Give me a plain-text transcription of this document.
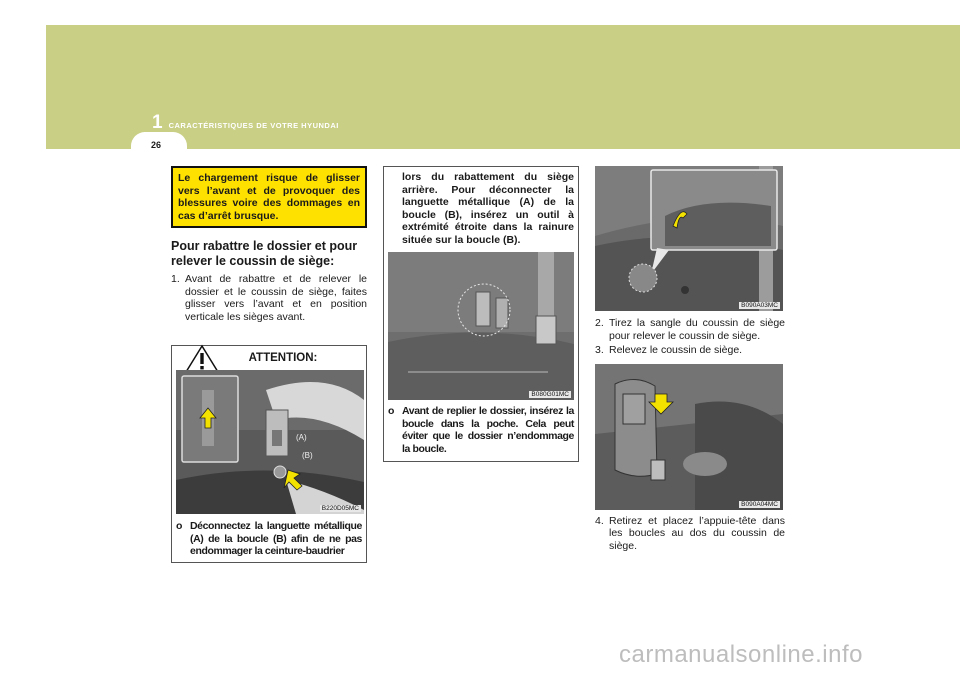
1 CARACTÉRISTIQUES DE VOTRE HYUNDAI
26
Le chargement risque de glisser vers l’avant et de provoquer des blessures voire des dommages en cas d’arrêt brusque.
Pour rabattre le dossier et pour relever le coussin de siège:
1. Avant de rabattre et de relever le dossier et le coussin de siège, faites glisser vers l’avant et en position verticale les sièges avant.
ATTENTION:
(A)
(B)
B220D05MC
o Déconnectez la languette métallique (A) de la boucle (B) afin de ne pas endommager la ceinture-baudrier
lors du rabattement du siège arrière. Pour déconnecter la languette métallique (A) de la boucle (B), insérez un outil à extrémité étroite dans la rainure située sur la boucle (B).
B080G01MC
o Avant de replier le dossier, insérez la boucle dans la poche. Cela peut éviter que le dossier n’endommage la boucle.
B090A03MC
2. Tirez la sangle du coussin de siège pour relever le coussin de siège.
3. Relevez le coussin de siège.
B090A04MC
4. Retirez et placez l’appuie-tête dans les boucles au dos du coussin de siège.
carmanualsonline.info
